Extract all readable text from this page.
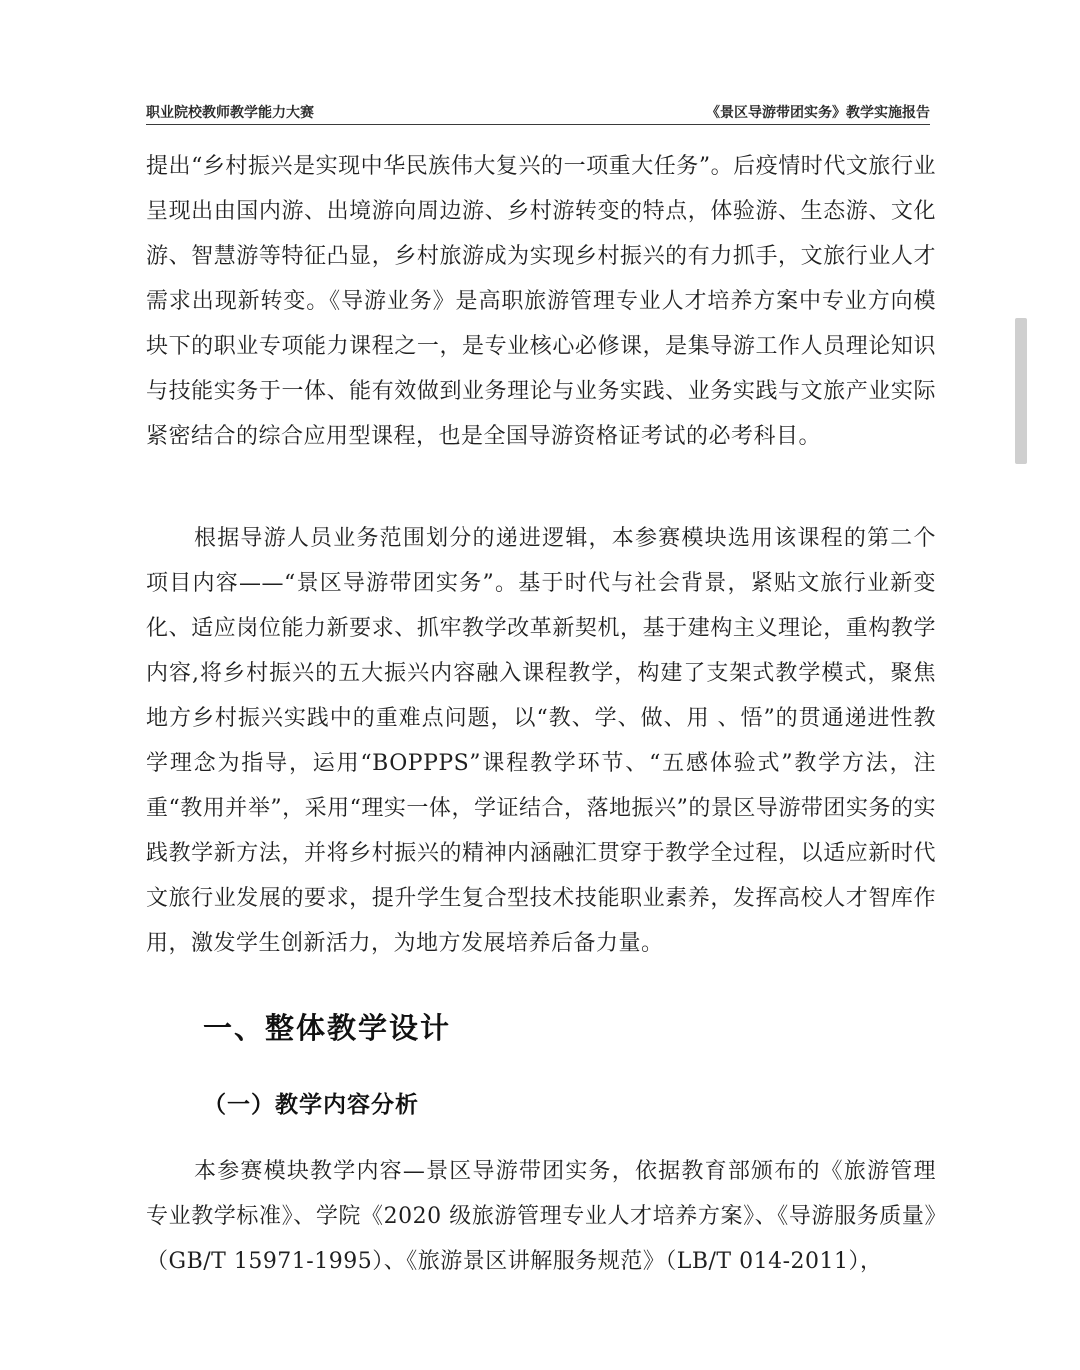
职业院校教师教学能力大赛	《景区导游带团实务》教学实施报告
提出“乡村振兴是实现中华民族伟大复兴的一项重大任务”。后疫情时代文旅行业呈现出由国内游、出境游向周边游、乡村游转变的特点，体验游、生态游、文化游、智慧游等特征凸显，乡村旅游成为实现乡村振兴的有力抓手，文旅行业人才需求出现新转变。《导游业务》是高职旅游管理专业人才培养方案中专业方向模块下的职业专项能力课程之一，是专业核心必修课，是集导游工作人员理论知识与技能实务于一体、能有效做到业务理论与业务实践、业务实践与文旅产业实际紧密结合的综合应用型课程，也是全国导游资格证考试的必考科目。
根据导游人员业务范围划分的递进逻辑，本参赛模块选用该课程的第二个项目内容——“景区导游带团实务”。基于时代与社会背景，紧贴文旅行业新变化、适应岗位能力新要求、抓牢教学改革新契机，基于建构主义理论，重构教学内容,将乡村振兴的五大振兴内容融入课程教学，构建了支架式教学模式，聚焦地方乡村振兴实践中的重难点问题，以“教、学、做、用 、悟”的贯通递进性教学理念为指导，运用“BOPPPS”课程教学环节、“五感体验式”教学方法，注重“教用并举”，采用“理实一体，学证结合，落地振兴”的景区导游带团实务的实践教学新方法，并将乡村振兴的精神内涵融汇贯穿于教学全过程，以适应新时代文旅行业发展的要求，提升学生复合型技术技能职业素养，发挥高校人才智库作用，激发学生创新活力，为地方发展培养后备力量。
一、整体教学设计
（一）教学内容分析
本参赛模块教学内容—景区导游带团实务，依据教育部颁布的《旅游管理专业教学标准》、学院《2020 级旅游管理专业人才培养方案》、《导游服务质量》（GB/T 15971-1995）、《旅游景区讲解服务规范》（LB/T 014-2011），
